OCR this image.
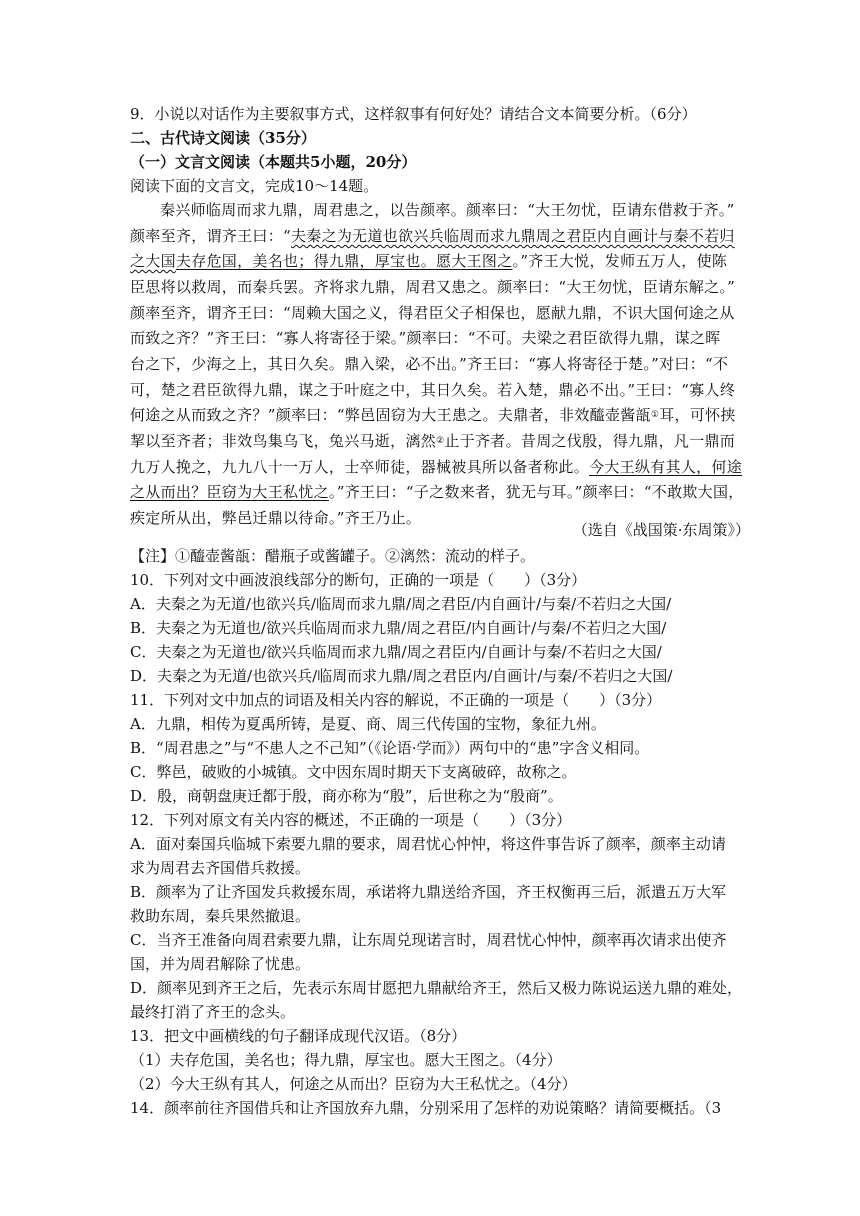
9．小说以对话作为主要叙事方式，这样叙事有何好处？请结合文本简要分析。（6分）
二、古代诗文阅读（35分）
（一）文言文阅读（本题共5小题，20分）
阅读下面的文言文，完成10～14题。
秦兴师临周而求九鼎，周君患之，以告颜率。颜率曰：“大王勿忧，臣请东借救于齐。”
颜率至齐，谓齐王曰：“夫秦之为无道也欲兴兵临周而求九鼎周之君臣内自画计与秦不若归
之大国夫存危国，美名也；得九鼎，厚宝也。愿大王图之。”齐王大悦，发师五万人，使陈
臣思将以救周，而秦兵罢。齐将求九鼎，周君又患之。颜率曰：“大王勿忧，臣请东解之。”
颜率至齐，谓齐王曰：“周赖大国之义，得君臣父子相保也，愿献九鼎，不识大国何途之从
而致之齐？”齐王曰：“寡人将寄径于梁。”颜率曰：“不可。夫梁之君臣欲得九鼎，谋之晖
台之下，少海之上，其日久矣。鼎入梁，必不出。”齐王曰：“寡人将寄径于楚。”对曰：“不
可，楚之君臣欲得九鼎，谋之于叶庭之中，其日久矣。若入楚，鼎必不出。”王曰：“寡人终
何途之从而致之齐？”颜率曰：“弊邑固窃为大王患之。夫鼎者，非效醯壶酱瓿①耳，可怀挟
挈以至齐者；非效鸟集乌飞，兔兴马逝，漓然②止于齐者。昔周之伐殷，得九鼎，凡一鼎而
九万人挽之，九九八十一万人，士卒师徒，器械被具所以备者称此。今大王纵有其人，何途
之从而出？臣窃为大王私忧之。”齐王曰：“子之数来者，犹无与耳。”颜率曰：“不敢欺大国，
疾定所从出，弊邑迁鼎以待命。”齐王乃止。
（选自《战国策·东周策》）
【注】①醯壶酱瓿：醋瓶子或酱罐子。②漓然：流动的样子。
10．下列对文中画波浪线部分的断句，正确的一项是（　　）（3分）
A．夫秦之为无道/也欲兴兵/临周而求九鼎/周之君臣/内自画计/与秦/不若归之大国/
B．夫秦之为无道也/欲兴兵临周而求九鼎/周之君臣/内自画计/与秦/不若归之大国/
C．夫秦之为无道也/欲兴兵临周而求九鼎/周之君臣内/自画计与秦/不若归之大国/
D．夫秦之为无道/也欲兴兵/临周而求九鼎/周之君臣内/自画计/与秦/不若归之大国/
11．下列对文中加点的词语及相关内容的解说，不正确的一项是（　　）（3分）
A．九鼎，相传为夏禹所铸，是夏、商、周三代传国的宝物，象征九州。
B．“周君患之”与“不患人之不己知”（《论语·学而》）两句中的“患”字含义相同。
C．弊邑，破败的小城镇。文中因东周时期天下支离破碎，故称之。
D．殷，商朝盘庚迁都于殷，商亦称为“殷”，后世称之为“殷商”。
12．下列对原文有关内容的概述，不正确的一项是（　　）（3分）
A．面对秦国兵临城下索要九鼎的要求，周君忧心忡忡，将这件事告诉了颜率，颜率主动请
求为周君去齐国借兵救援。
B．颜率为了让齐国发兵救援东周，承诺将九鼎送给齐国，齐王权衡再三后，派遣五万大军
救助东周，秦兵果然撤退。
C．当齐王准备向周君索要九鼎，让东周兑现诺言时，周君忧心忡忡，颜率再次请求出使齐
国，并为周君解除了忧患。
D．颜率见到齐王之后，先表示东周甘愿把九鼎献给齐王，然后又极力陈说运送九鼎的难处，
最终打消了齐王的念头。
13．把文中画横线的句子翻译成现代汉语。（8分）
（1）夫存危国，美名也；得九鼎，厚宝也。愿大王图之。（4分）
（2）今大王纵有其人，何途之从而出？臣窃为大王私忧之。（4分）
14．颜率前往齐国借兵和让齐国放弃九鼎，分别采用了怎样的劝说策略？请简要概括。（3
